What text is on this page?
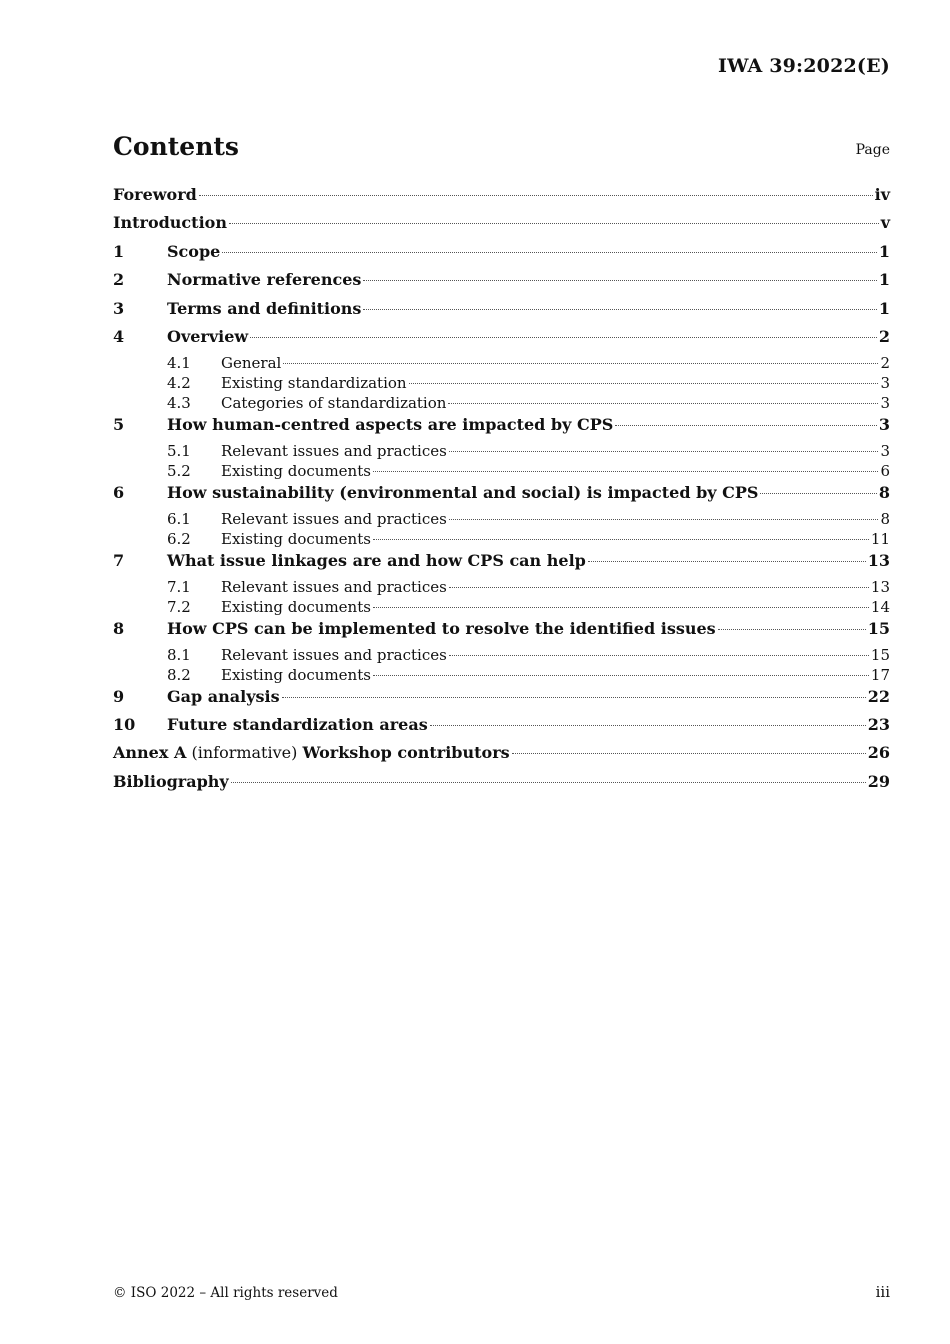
IWA 39:2022(E)
Contents	Page
Foreword	iv
Introduction	v
1	Scope	1
2	Normative references	1
3	Terms and definitions	1
4	Overview	2
4.1	General	2
4.2	Existing standardization	3
4.3	Categories of standardization	3
5	How human-centred aspects are impacted by CPS	3
5.1	Relevant issues and practices	3
5.2	Existing documents	6
6	How sustainability (environmental and social) is impacted by CPS	8
6.1	Relevant issues and practices	8
6.2	Existing documents	11
7	What issue linkages are and how CPS can help	13
7.1	Relevant issues and practices	13
7.2	Existing documents	14
8	How CPS can be implemented to resolve the identified issues	15
8.1	Relevant issues and practices	15
8.2	Existing documents	17
9	Gap analysis	22
10	Future standardization areas	23
Annex A (informative) Workshop contributors	26
Bibliography	29
© ISO 2022 – All rights reserved	iii
